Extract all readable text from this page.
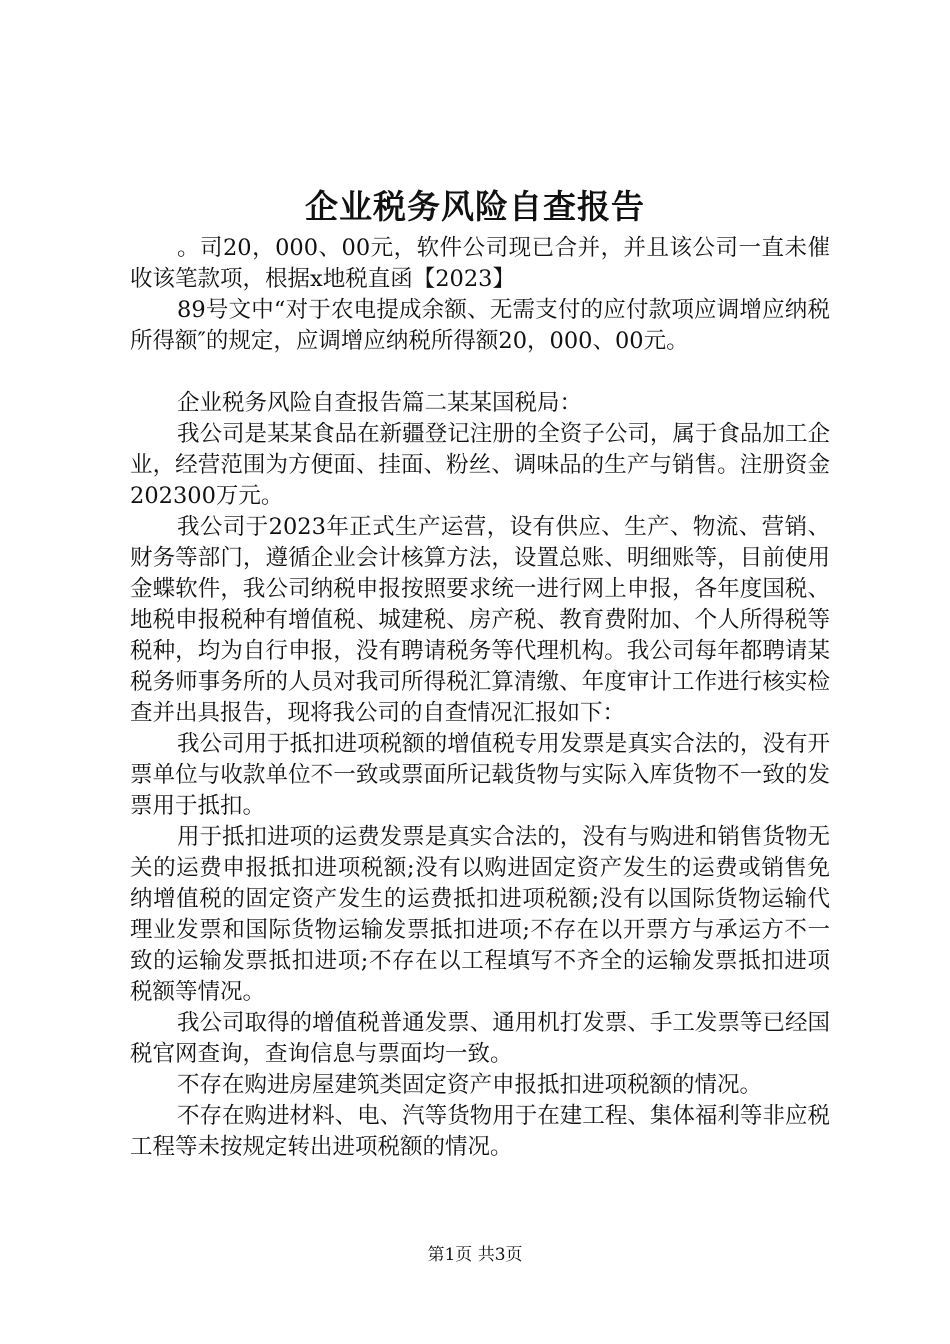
企业税务风险自查报告

。司20，000、00元，软件公司现已合并，并且该公司一直未催收该笔款项，根据x地税直函【2023】

89号文中“对于农电提成余额、无需支付的应付款项应调增应纳税所得额″的规定，应调增应纳税所得额20，000、00元。

企业税务风险自查报告篇二某某国税局：

我公司是某某食品在新疆登记注册的全资子公司，属于食品加工企业，经营范围为方便面、挂面、粉丝、调味品的生产与销售。注册资金202300万元。

我公司于2023年正式生产运营，设有供应、生产、物流、营销、财务等部门，遵循企业会计核算方法，设置总账、明细账等，目前使用金蝶软件，我公司纳税申报按照要求统一进行网上申报，各年度国税、地税申报税种有增值税、城建税、房产税、教育费附加、个人所得税等税种，均为自行申报，没有聘请税务等代理机构。我公司每年都聘请某税务师事务所的人员对我司所得税汇算清缴、年度审计工作进行核实检查并出具报告，现将我公司的自查情况汇报如下：

我公司用于抵扣进项税额的增值税专用发票是真实合法的，没有开票单位与收款单位不一致或票面所记载货物与实际入库货物不一致的发票用于抵扣。

用于抵扣进项的运费发票是真实合法的，没有与购进和销售货物无关的运费申报抵扣进项税额;没有以购进固定资产发生的运费或销售免纳增值税的固定资产发生的运费抵扣进项税额;没有以国际货物运输代理业发票和国际货物运输发票抵扣进项;不存在以开票方与承运方不一致的运输发票抵扣进项;不存在以工程填写不齐全的运输发票抵扣进项税额等情况。

我公司取得的增值税普通发票、通用机打发票、手工发票等已经国税官网查询，查询信息与票面均一致。

不存在购进房屋建筑类固定资产申报抵扣进项税额的情况。

不存在购进材料、电、汽等货物用于在建工程、集体福利等非应税工程等未按规定转出进项税额的情况。

第1页 共3页
